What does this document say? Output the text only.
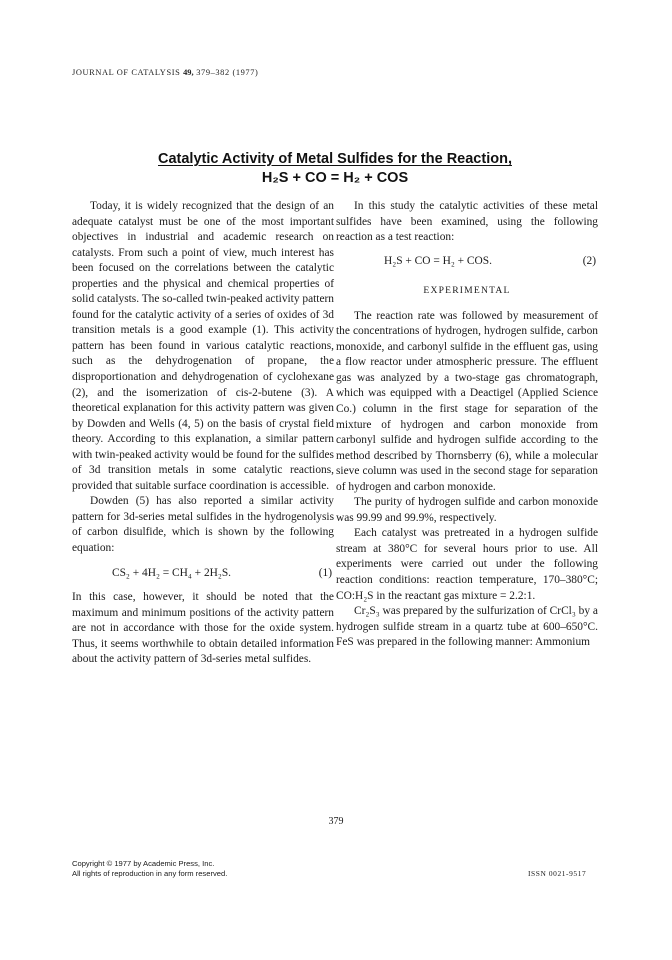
JOURNAL OF CATALYSIS 49, 379–382 (1977)
Catalytic Activity of Metal Sulfides for the Reaction,
H₂S + CO = H₂ + COS

Today, it is widely recognized that the design of an adequate catalyst must be one of the most important objectives in industrial and academic research on catalysts. From such a point of view, much interest has been focused on the correlations between the catalytic properties and the physical and chemical properties of solid catalysts. The so-called twin-peaked activity pattern found for the catalytic activity of a series of oxides of 3d transition metals is a good example (1). This activity pattern has been found in various catalytic reactions, such as the dehydrogenation of propane, the disproportionation and dehydrogenation of cyclohexane (2), and the isomerization of cis-2-butene (3). A theoretical explanation for this activity pattern was given by Dowden and Wells (4, 5) on the basis of crystal field theory. According to this explanation, a similar pattern with twin-peaked activity would be found for the sulfides of 3d transition metals in some catalytic reactions, provided that suitable surface coordination is accessible.

Dowden (5) has also reported a similar activity pattern for 3d-series metal sulfides in the hydrogenolysis of carbon disulfide, which is shown by the following equation:

CS₂ + 4H₂ = CH₄ + 2H₂S.	(1)

In this case, however, it should be noted that the maximum and minimum positions of the activity pattern are not in accordance with those for the oxide system. Thus, it seems worthwhile to obtain detailed information about the activity pattern of 3d-series metal sulfides.

In this study the catalytic activities of these metal sulfides have been examined, using the following reaction as a test reaction:

H₂S + CO = H₂ + COS.	(2)
EXPERIMENTAL

The reaction rate was followed by measurement of the concentrations of hydrogen, hydrogen sulfide, carbon monoxide, and carbonyl sulfide in the effluent gas, using a flow reactor under atmospheric pressure. The effluent gas was analyzed by a two-stage gas chromatograph, which was equipped with a Deactigel (Applied Science Co.) column in the first stage for separation of the mixture of hydrogen and carbon monoxide from carbonyl sulfide and hydrogen sulfide according to the method described by Thornsberry (6), while a molecular sieve column was used in the second stage for separation of hydrogen and carbon monoxide.

The purity of hydrogen sulfide and carbon monoxide was 99.99 and 99.9%, respectively.

Each catalyst was pretreated in a hydrogen sulfide stream at 380°C for several hours prior to use. All experiments were carried out under the following reaction conditions: reaction temperature, 170–380°C; CO:H₂S in the reactant gas mixture = 2.2:1.

Cr₂S₃ was prepared by the sulfurization of CrCl₃ by a hydrogen sulfide stream in a quartz tube at 600–650°C. FeS was prepared in the following manner: Ammonium

379
Copyright © 1977 by Academic Press, Inc.
All rights of reproduction in any form reserved.	ISSN 0021-9517
